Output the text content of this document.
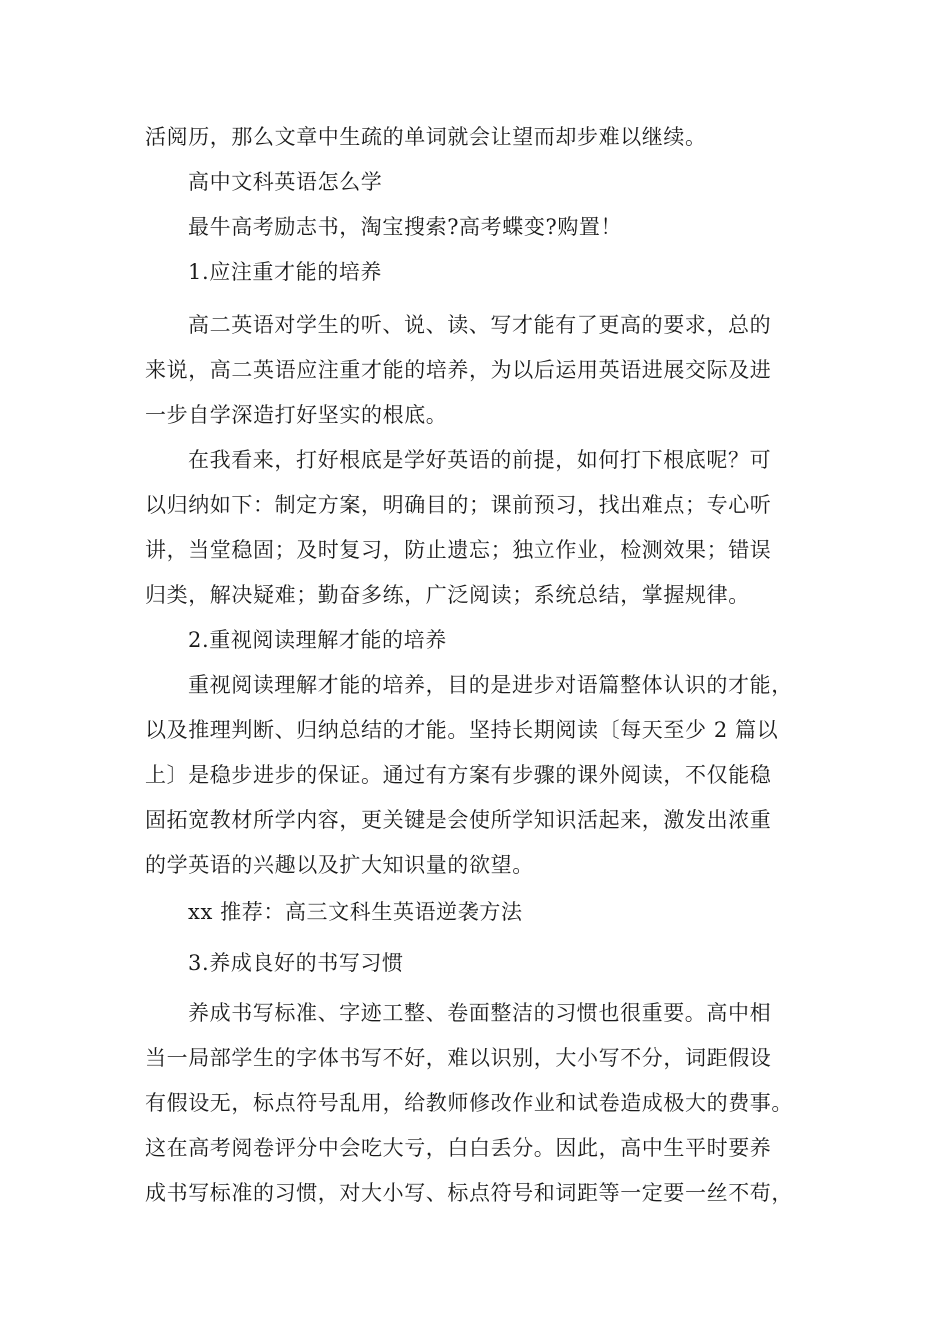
活阅历，那么文章中生疏的单词就会让望而却步难以继续。
高中文科英语怎么学
最牛高考励志书，淘宝搜索?高考蝶变?购置！
1.应注重才能的培养
高二英语对学生的听、说、读、写才能有了更高的要求，总的
来说，高二英语应注重才能的培养，为以后运用英语进展交际及进
一步自学深造打好坚实的根底。
在我看来，打好根底是学好英语的前提，如何打下根底呢？可
以归纳如下：制定方案，明确目的；课前预习，找出难点；专心听
讲，当堂稳固；及时复习，防止遗忘；独立作业，检测效果；错误
归类，解决疑难；勤奋多练，广泛阅读；系统总结，掌握规律。
2.重视阅读理解才能的培养
重视阅读理解才能的培养，目的是进步对语篇整体认识的才能，
以及推理判断、归纳总结的才能。坚持长期阅读〔每天至少 2 篇以
上〕是稳步进步的保证。通过有方案有步骤的课外阅读，不仅能稳
固拓宽教材所学内容，更关键是会使所学知识活起来，激发出浓重
的学英语的兴趣以及扩大知识量的欲望。
xx 推荐：高三文科生英语逆袭方法
3.养成良好的书写习惯
养成书写标准、字迹工整、卷面整洁的习惯也很重要。高中相
当一局部学生的字体书写不好，难以识别，大小写不分，词距假设
有假设无，标点符号乱用，给教师修改作业和试卷造成极大的费事。
这在高考阅卷评分中会吃大亏，白白丢分。因此，高中生平时要养
成书写标准的习惯，对大小写、标点符号和词距等一定要一丝不苟，
